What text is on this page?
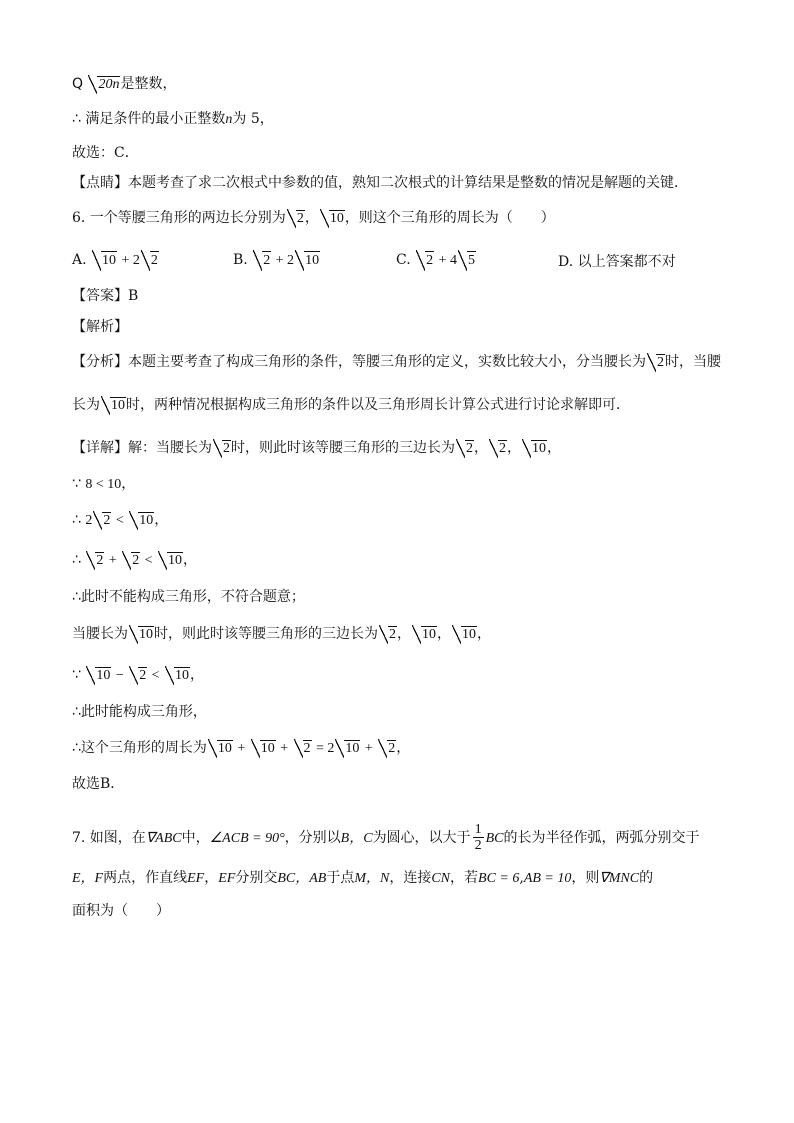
Q 20n是整数，
∴ 满足条件的最小正整数n为 5，
故选：C．
【点睛】本题考查了求二次根式中参数的值，熟知二次根式的计算结果是整数的情况是解题的关键．
6. 一个等腰三角形的两边长分别为 2， 10，则这个三角形的周长为（　　）
A. 10 + 2 2	B. 2 + 2 10	C. 2 + 4 5	D. 以上答案都不对
【答案】B
【解析】
【分析】本题主要考查了构成三角形的条件，等腰三角形的定义，实数比较大小，分当腰长为 2时，当腰
长为 10时，两种情况根据构成三角形的条件以及三角形周长计算公式进行讨论求解即可．
【详解】解：当腰长为 2时，则此时该等腰三角形的三边长为 2， 2， 10，
∵ 8 < 10，
∴ 2 2 < 10，
∴ 2 + 2 < 10，
∴此时不能构成三角形，不符合题意；
当腰长为 10时，则此时该等腰三角形的三边长为 2， 10， 10，
∵ 10 − 2 < 10，
∴此时能构成三角形，
∴这个三角形的周长为 10 + 10 + 2 = 2 10 + 2，
故选B．
7. 如图，在∇ABC中，∠ACB = 90°，分别以B，C为圆心，以大于 $\frac{1}{2}$ BC的长为半径作弧，两弧分别交于
E，F两点，作直线EF，EF分别交BC，AB于点M，N，连接CN，若BC = 6,AB = 10，则∇MNC的
面积为（　　）
